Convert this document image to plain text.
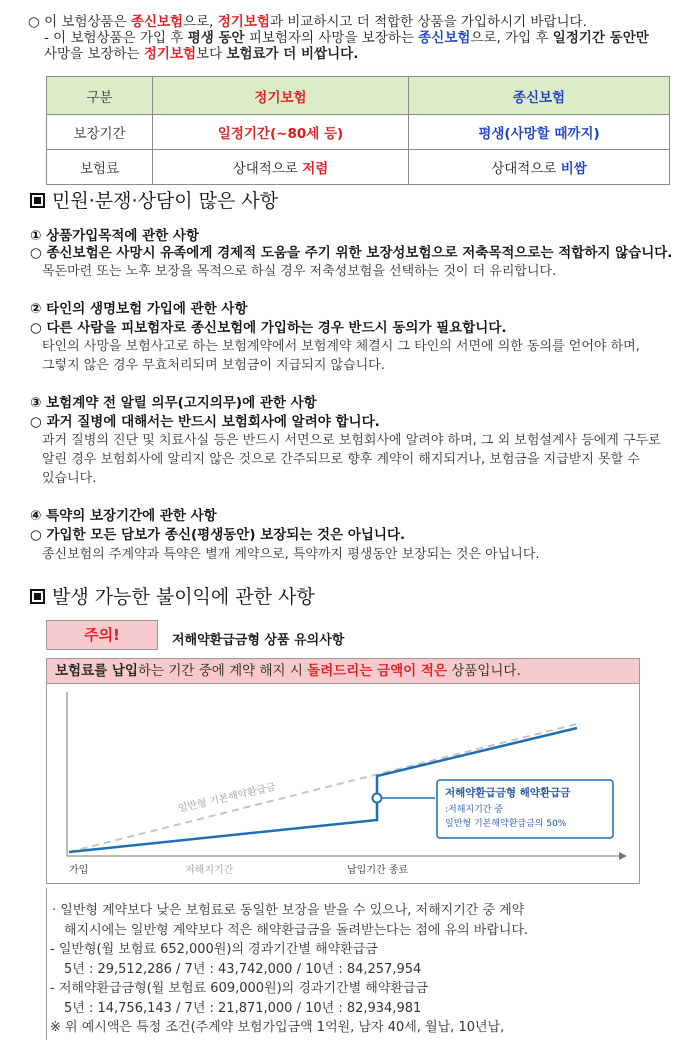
○ 이 보험상품은 종신보험으로, 정기보험과 비교하시고 더 적합한 상품을 가입하시기 바랍니다.
- 이 보험상품은 가입 후 평생 동안 피보험자의 사망을 보장하는 종신보험으로, 가입 후 일정기간 동안만
사망을 보장하는 정기보험보다 보험료가 더 비쌉니다.
구분	정기보험	종신보험
보장기간	일정기간(~80세 등)	평생(사망할 때까지)
보험료	상대적으로 저렴	상대적으로 비쌈
민원·분쟁·상담이 많은 사항
① 상품가입목적에 관한 사항
○ 종신보험은 사망시 유족에게 경제적 도움을 주기 위한 보장성보험으로 저축목적으로는 적합하지 않습니다.
목돈마련 또는 노후 보장을 목적으로 하실 경우 저축성보험을 선택하는 것이 더 유리합니다.
② 타인의 생명보험 가입에 관한 사항
○ 다른 사람을 피보험자로 종신보험에 가입하는 경우 반드시 동의가 필요합니다.
타인의 사망을 보험사고로 하는 보험계약에서 보험계약 체결시 그 타인의 서면에 의한 동의를 얻어야 하며,
그렇지 않은 경우 무효처리되며 보험금이 지급되지 않습니다.
③ 보험계약 전 알릴 의무(고지의무)에 관한 사항
○ 과거 질병에 대해서는 반드시 보험회사에 알려야 합니다.
과거 질병의 진단 및 치료사실 등은 반드시 서면으로 보험회사에 알려야 하며, 그 외 보험설계사 등에게 구두로
알린 경우 보험회사에 알리지 않은 것으로 간주되므로 향후 계약이 해지되거나, 보험금을 지급받지 못할 수
있습니다.
④ 특약의 보장기간에 관한 사항
○ 가입한 모든 담보가 종신(평생동안) 보장되는 것은 아닙니다.
종신보험의 주계약과 특약은 별개 계약으로, 특약까지 평생동안 보장되는 것은 아닙니다.
발생 가능한 불이익에 관한 사항
주의!	저해약환급금형 상품 유의사항
보험료를 납입하는 기간 중에 계약 해지 시 돌려드리는 금액이 적은 상품입니다.
일반형 기본해약환급금	저해약환급금형 해약환급금
:저해지기간 중
일반형 기본해약환급금의 50%
가입	저해지기간	납입기간 종료
· 일반형 계약보다 낮은 보험료로 동일한 보장을 받을 수 있으나, 저해지기간 중 계약
해지시에는 일반형 계약보다 적은 해약환급금을 돌려받는다는 점에 유의 바랍니다.
- 일반형(월 보험료 652,000원)의 경과기간별 해약환급금
5년 : 29,512,286 / 7년 : 43,742,000 / 10년 : 84,257,954
- 저해약환급금형(월 보험료 609,000원)의 경과기간별 해약환급금
5년 : 14,756,143 / 7년 : 21,871,000 / 10년 : 82,934,981
※ 위 예시액은 특정 조건(주계약 보험가입금액 1억원, 남자 40세, 월납, 10년납,
